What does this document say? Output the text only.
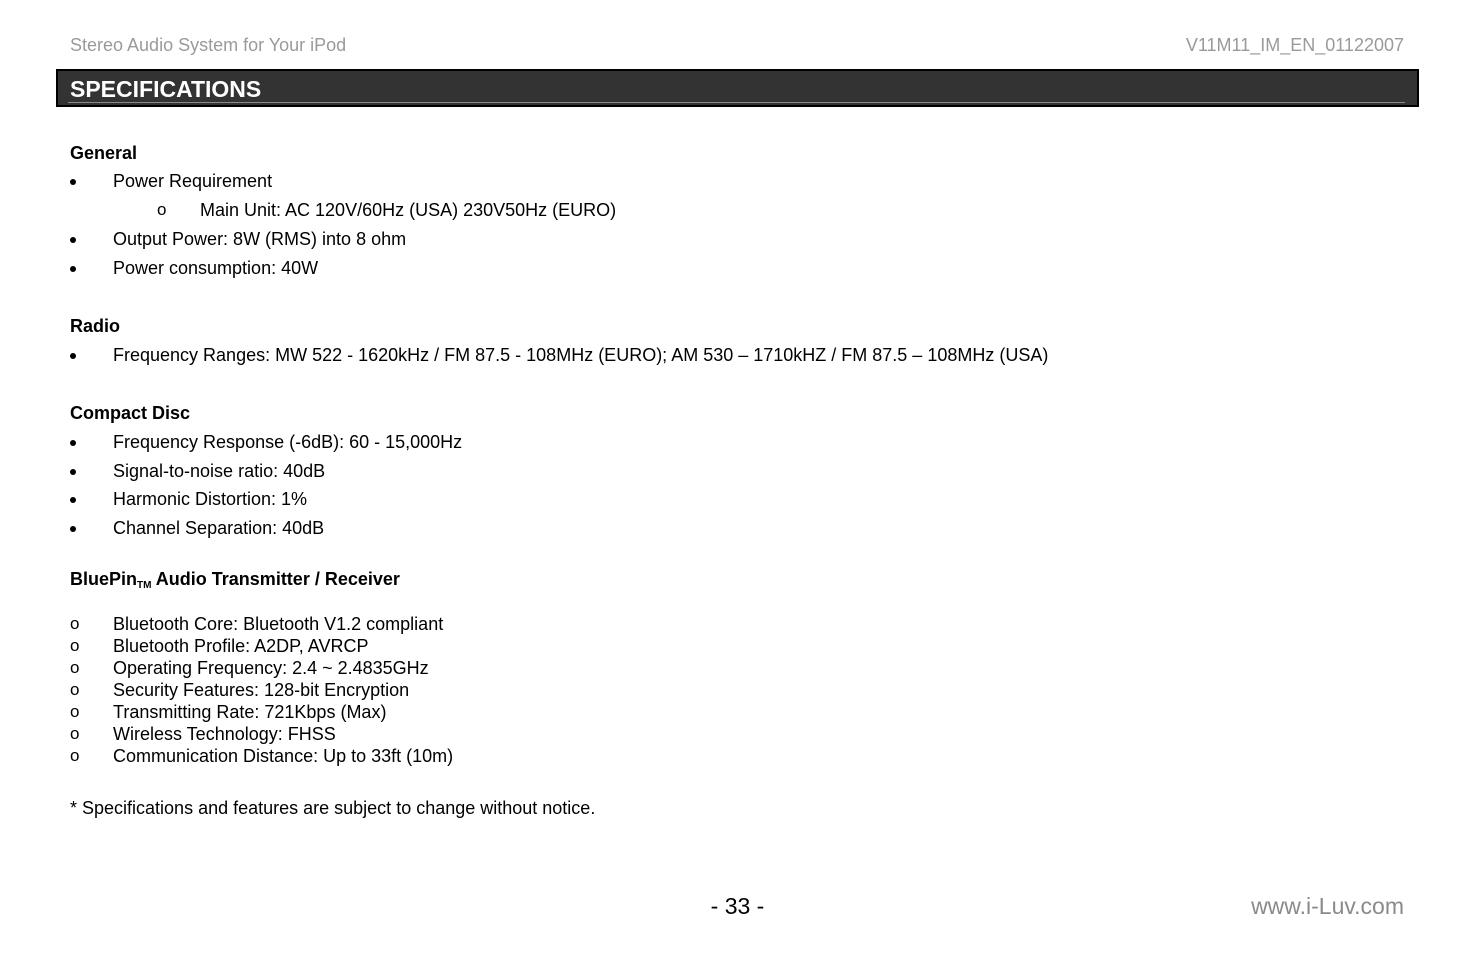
Stereo Audio System for Your iPod	V11M11_IM_EN_01122007
SPECIFICATIONS
General
Power Requirement
o	Main Unit: AC 120V/60Hz (USA) 230V50Hz (EURO)
Output Power: 8W (RMS) into 8 ohm
Power consumption: 40W
Radio
Frequency Ranges: MW 522 - 1620kHz / FM 87.5 - 108MHz (EURO); AM 530 – 1710kHZ / FM 87.5 – 108MHz (USA)
Compact Disc
Frequency Response (-6dB): 60 - 15,000Hz
Signal-to-noise ratio: 40dB
Harmonic Distortion: 1%
Channel Separation: 40dB
BluePin$_{TM}$ Audio Transmitter / Receiver
o	Bluetooth Core: Bluetooth V1.2 compliant
o	Bluetooth Profile: A2DP, AVRCP
o	Operating Frequency: 2.4 ~ 2.4835GHz
o	Security Features: 128-bit Encryption
o	Transmitting Rate: 721Kbps (Max)
o	Wireless Technology: FHSS
o	Communication Distance: Up to 33ft (10m)
* Specifications and features are subject to change without notice.
- 33 -	www.i-Luv.com
